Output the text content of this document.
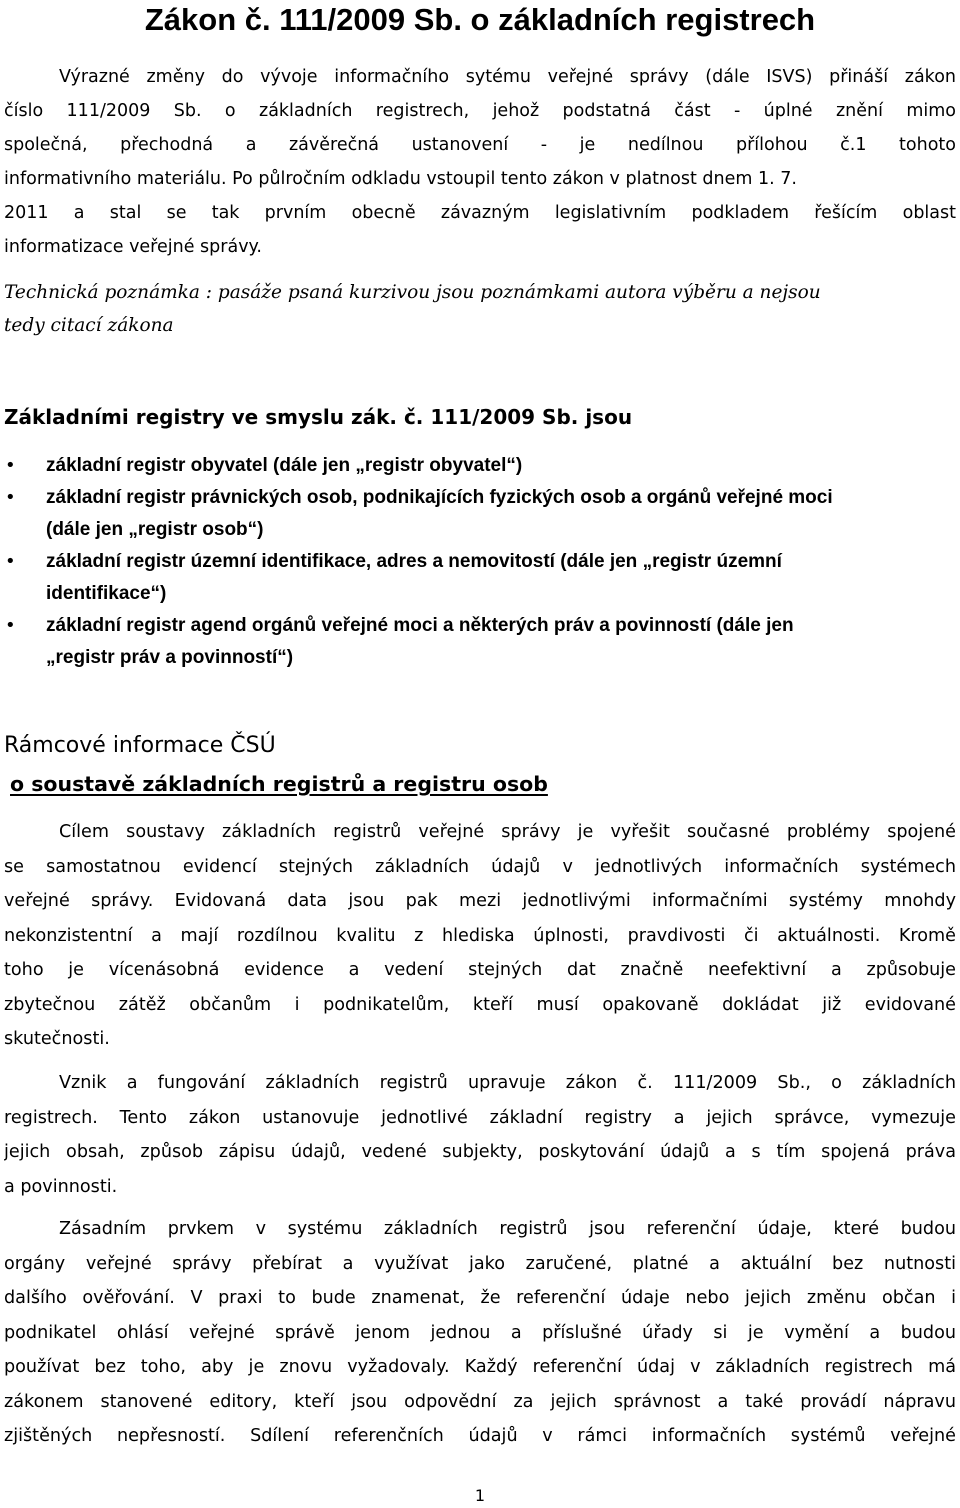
Zákon č. 111/2009 Sb. o základních registrech
Výrazné změny do vývoje informačního sytému veřejné správy (dále ISVS) přináší zákon
číslo 111/2009 Sb. o základních registrech, jehož podstatná část - úplné znění mimo
společná, přechodná a závěrečná ustanovení - je nedílnou přílohou č.1 tohoto
informativního materiálu. Po půlročním odkladu vstoupil tento zákon v platnost dnem 1. 7.
2011 a stal se tak prvním obecně závazným legislativním podkladem řešícím oblast
informatizace veřejné správy.
Technická poznámka : pasáže psaná kurzivou jsou poznámkami autora výběru a nejsou
tedy citací zákona
Základními registry ve smyslu zák. č. 111/2009 Sb. jsou
•	základní registr obyvatel (dále jen „registr obyvatel“)
•	základní registr právnických osob, podnikajících fyzických osob a orgánů veřejné moci
(dále jen „registr osob“)
•	základní registr územní identifikace, adres a nemovitostí (dále jen „registr územní
identifikace“)
•	základní registr agend orgánů veřejné moci a některých práv a povinností (dále jen
„registr práv a povinností“)
Rámcové informace ČSÚ
o soustavě základních registrů a registru osob
Cílem soustavy základních registrů veřejné správy je vyřešit současné problémy spojené
se samostatnou evidencí stejných základních údajů v jednotlivých informačních systémech
veřejné správy. Evidovaná data jsou pak mezi jednotlivými informačními systémy mnohdy
nekonzistentní a mají rozdílnou kvalitu z hlediska úplnosti, pravdivosti či aktuálnosti. Kromě
toho je vícenásobná evidence a vedení stejných dat značně neefektivní a způsobuje
zbytečnou zátěž občanům i podnikatelům, kteří musí opakovaně dokládat již evidované
skutečnosti.
Vznik a fungování základních registrů upravuje zákon č. 111/2009 Sb., o základních
registrech. Tento zákon ustanovuje jednotlivé základní registry a jejich správce, vymezuje
jejich obsah, způsob zápisu údajů, vedené subjekty, poskytování údajů a s tím spojená práva
a povinnosti.
Zásadním prvkem v systému základních registrů jsou referenční údaje, které budou
orgány veřejné správy přebírat a využívat jako zaručené, platné a aktuální bez nutnosti
dalšího ověřování. V praxi to bude znamenat, že referenční údaje nebo jejich změnu občan i
podnikatel ohlásí veřejné správě jenom jednou a příslušné úřady si je vymění a budou
používat bez toho, aby je znovu vyžadovaly. Každý referenční údaj v základních registrech má
zákonem stanovené editory, kteří jsou odpovědní za jejich správnost a také provádí nápravu
zjištěných nepřesností. Sdílení referenčních údajů v rámci informačních systémů veřejné
1
